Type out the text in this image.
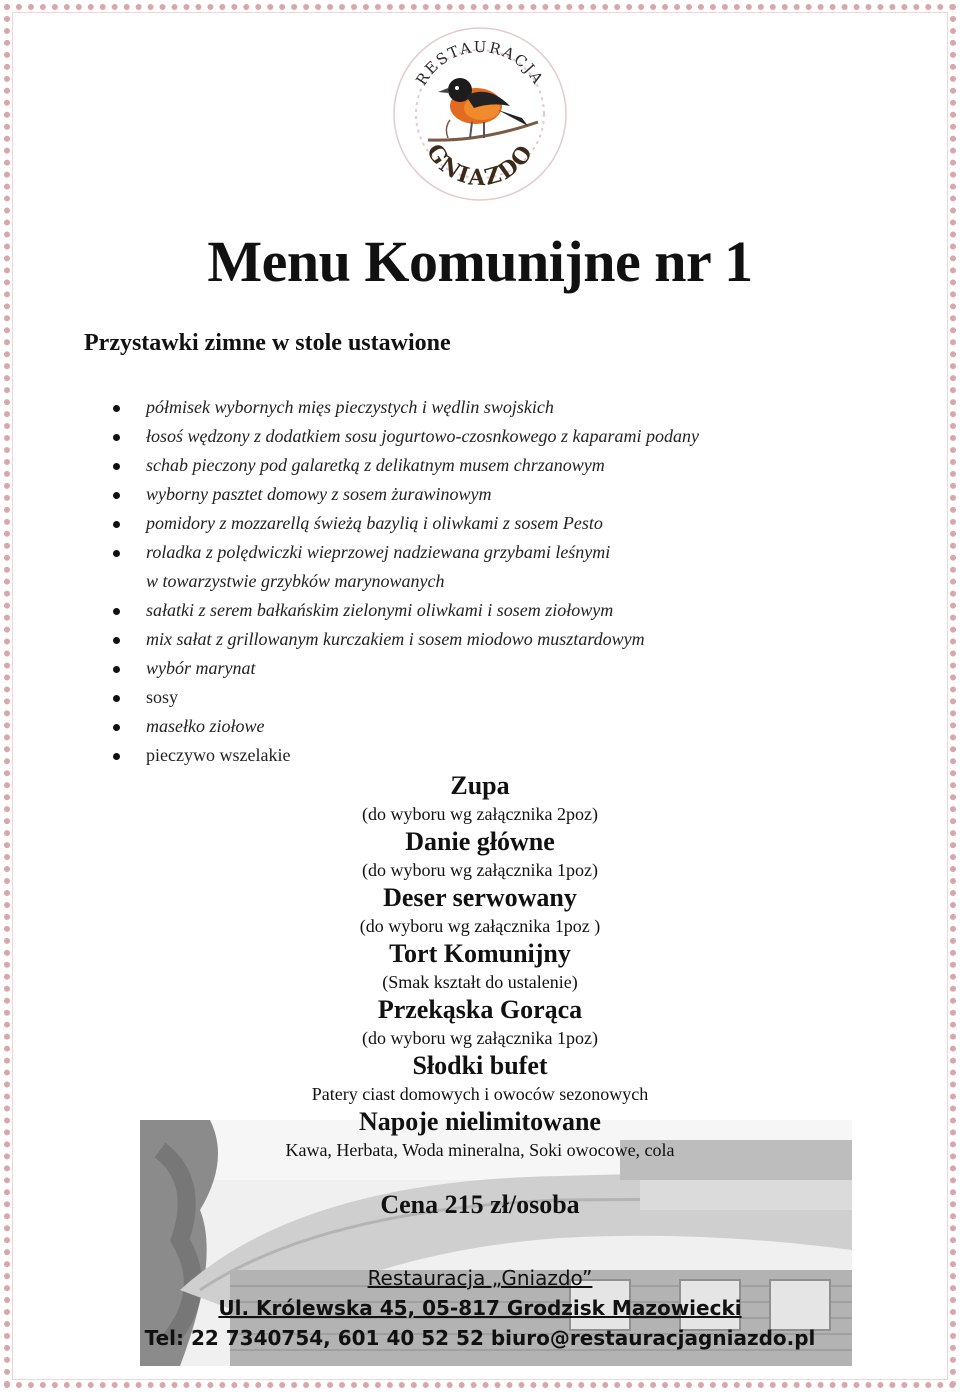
RESTAURACJA
GNIAZDO
Menu Komunijne nr 1
Przystawki zimne w stole ustawione
półmisek wybornych mięs pieczystych i wędlin swojskich
łosoś wędzony z dodatkiem sosu jogurtowo-czosnkowego z kaparami podany
schab pieczony pod galaretką z delikatnym musem chrzanowym
wyborny pasztet domowy z sosem żurawinowym
pomidory z mozzarellą świeżą bazylią i oliwkami z sosem Pesto
roladka z polędwiczki wieprzowej nadziewana grzybami leśnymi
w towarzystwie grzybków marynowanych
sałatki z serem bałkańskim zielonymi oliwkami i sosem ziołowym
mix sałat z grillowanym kurczakiem i sosem miodowo musztardowym
wybór marynat
sosy
masełko ziołowe
pieczywo wszelakie
Zupa
(do wyboru wg załącznika 2poz)
Danie główne
(do wyboru wg załącznika 1poz)
Deser serwowany
(do wyboru wg załącznika 1poz )
Tort Komunijny
(Smak kształt do ustalenie)
Przekąska Gorąca
(do wyboru wg załącznika 1poz)
Słodki bufet
Patery ciast domowych i owoców sezonowych
Napoje nielimitowane
Kawa, Herbata, Woda mineralna, Soki owocowe, cola
Cena 215 zł/osoba
Restauracja „Gniazdo”
Ul. Królewska 45, 05-817 Grodzisk Mazowiecki
Tel: 22 7340754, 601 40 52 52 biuro@restauracjagniazdo.pl
